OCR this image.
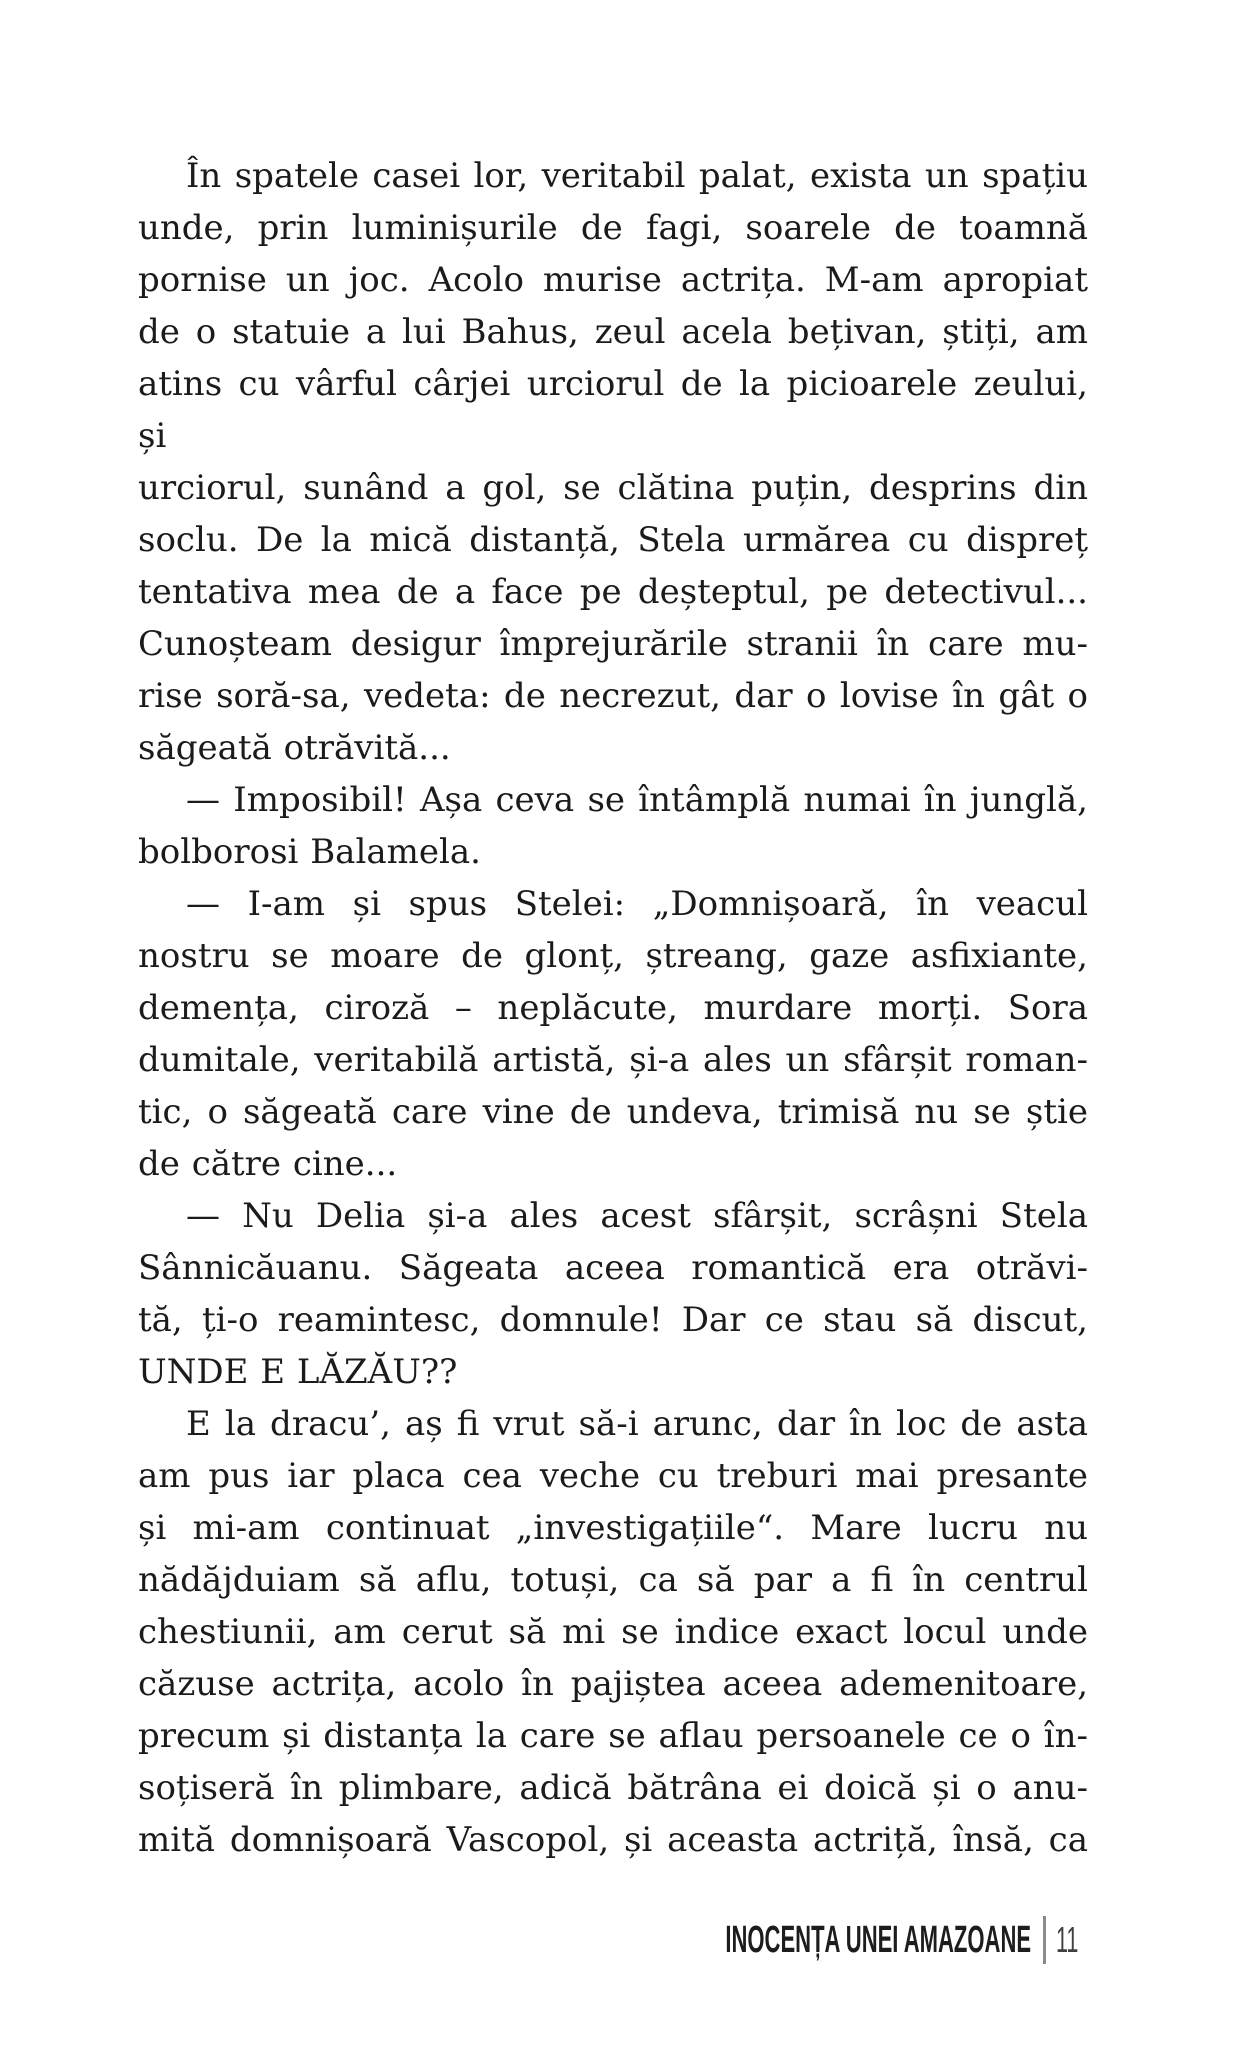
În spatele casei lor, veritabil palat, exista un spațiu
unde, prin luminișurile de fagi, soarele de toamnă
pornise un joc. Acolo murise actrița. M-am apropiat
de o statuie a lui Bahus, zeul acela bețivan, știți, am
atins cu vârful cârjei urciorul de la picioarele zeului, și
urciorul, sunând a gol, se clătina puțin, desprins din
soclu. De la mică distanță, Stela urmărea cu dispreț
tentativa mea de a face pe deșteptul, pe detectivul...
Cunoșteam desigur împrejurările stranii în care mu-
rise soră-sa, vedeta: de necrezut, dar o lovise în gât o
săgeată otrăvită...
— Imposibil! Așa ceva se întâmplă numai în junglă,
bolborosi Balamela.
— I-am și spus Stelei: „Domnișoară, în veacul
nostru se moare de glonț, ștreang, gaze asfixiante,
demența, ciroză – neplăcute, murdare morți. Sora
dumitale, veritabilă artistă, și-a ales un sfârșit roman-
tic, o săgeată care vine de undeva, trimisă nu se știe
de către cine...
— Nu Delia și-a ales acest sfârșit, scrâșni Stela
Sânnicăuanu. Săgeata aceea romantică era otrăvi-
tă, ți-o reamintesc, domnule! Dar ce stau să discut,
UNDE E LĂZĂU??
E la dracu’, aș fi vrut să-i arunc, dar în loc de asta
am pus iar placa cea veche cu treburi mai presante
și mi-am continuat „investigațiile“. Mare lucru nu
nădăjduiam să aflu, totuși, ca să par a fi în centrul
chestiunii, am cerut să mi se indice exact locul unde
căzuse actrița, acolo în pajiștea aceea ademenitoare,
precum și distanța la care se aflau persoanele ce o în-
soțiseră în plimbare, adică bătrâna ei doică și o anu-
mită domnișoară Vascopol, și aceasta actriță, însă, ca
INOCENȚA UNEI AMAZOANE 11
